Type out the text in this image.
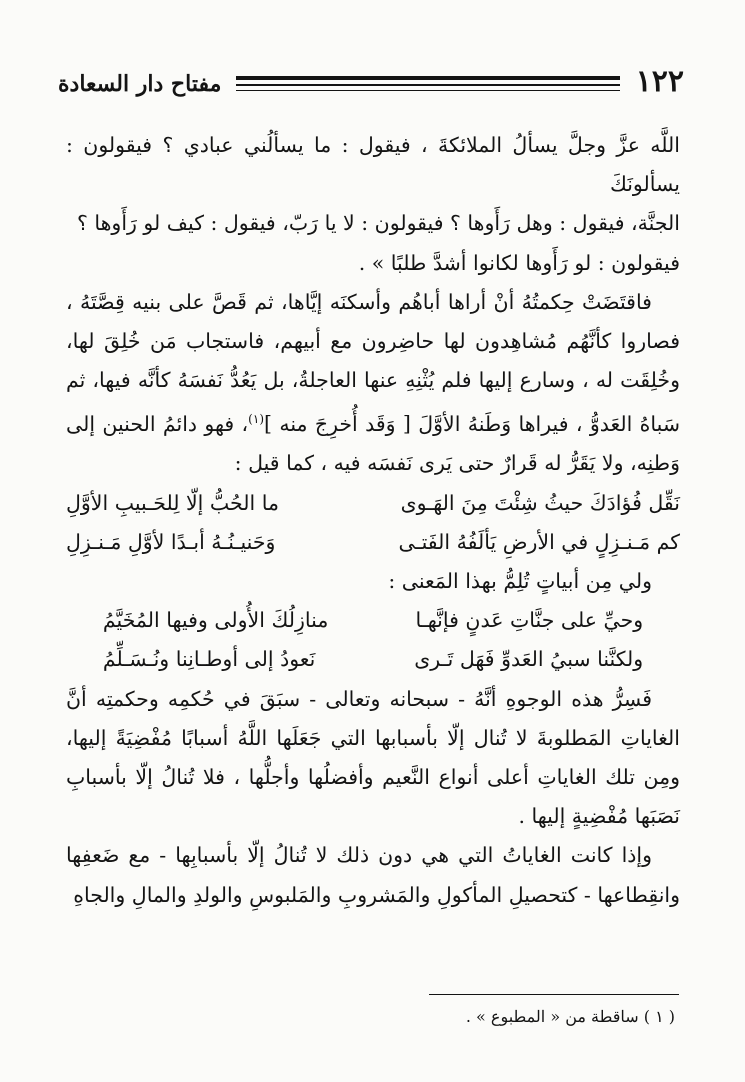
١٢٢
مفتاح دار السعادة

اللَّه عزَّ وجلَّ يسألُ الملائكةَ ، فيقول : ما يسألُني عبادي ؟ فيقولون : يسألونَكَ

الجنَّة، فيقول : وهل رَأَوها ؟ فيقولون : لا يا رَبّ، فيقول : كيف لو رَأَوها ؟

فيقولون : لو رَأَوها لكانوا أشدَّ طلبًا » .

فاقتَضَتْ حِكمتُهُ أنْ أراها أباهُم وأسكنَه إيَّاها، ثم قَصَّ على بنيه قِصَّتَهُ ، فصاروا كأنَّهُم مُشاهِدون لها حاضِرون مع أبيهم، فاستجاب مَن خُلِقَ لها، وخُلِقَت له ، وسارع إليها فلم يُثْنِهِ عنها العاجلةُ، بل يَعُدُّ نَفسَهُ كأنَّه فيها، ثم سَباهُ العَدوُّ ، فيراها وَطَنهُ الأوَّلَ [ وَقَد أُخرِجَ منه ]$^{(١)}$، فهو دائمُ الحنين إلى وَطنِه، ولا يَقَرُّ له قَرارٌ حتى يَرى نَفسَه فيه ، كما قيل :

نَقِّل فُؤادَكَ حيثُ شِئْتَ مِنَ الهَـوى
ما الحُبُّ إلّا لِلحَـبيبِ الأوَّلِ
كم مَـنـزِلٍ في الأرضِ يَألَفُهُ الفَتـى
وَحَنيـنُـهُ أبـدًا لأوَّلِ مَـنـزِلِ

ولي مِن أبياتٍ تُلِمُّ بهذا المَعنى :

وحيِّ على جنَّاتِ عَدنٍ فإنَّهـا
منازِلُكَ الأُولى وفيها المُخَيَّمُ
ولكنَّنا سبيُ العَدوِّ فَهَل تَـرى
نَعودُ إلى أوطـانِنا ونُـسَـلِّمُ

فَسِرُّ هذه الوجوهِ أنَّهُ - سبحانه وتعالى - سبَقَ في حُكمِه وحكمتِه أنَّ الغاياتِ المَطلوبةَ لا تُنال إلّا بأسبابها التي جَعَلَها اللَّهُ أسبابًا مُفْضِيَةً إليها، ومِن تلك الغاياتِ أعلى أنواع النَّعيم وأفضلُها وأجلُّها ، فلا تُنالُ إلّا بأسبابِ نَصَبَها مُفْضِيةٍ إليها .

وإذا كانت الغاياتُ التي هي دون ذلك لا تُنالُ إلّا بأسبابِها - مع ضَعفِها وانقِطاعها - كتحصيلِ المأكولِ والمَشروبِ والمَلبوسِ والولدِ والمالِ والجاهِ

( ١ ) ساقطة من « المطبوع » .
